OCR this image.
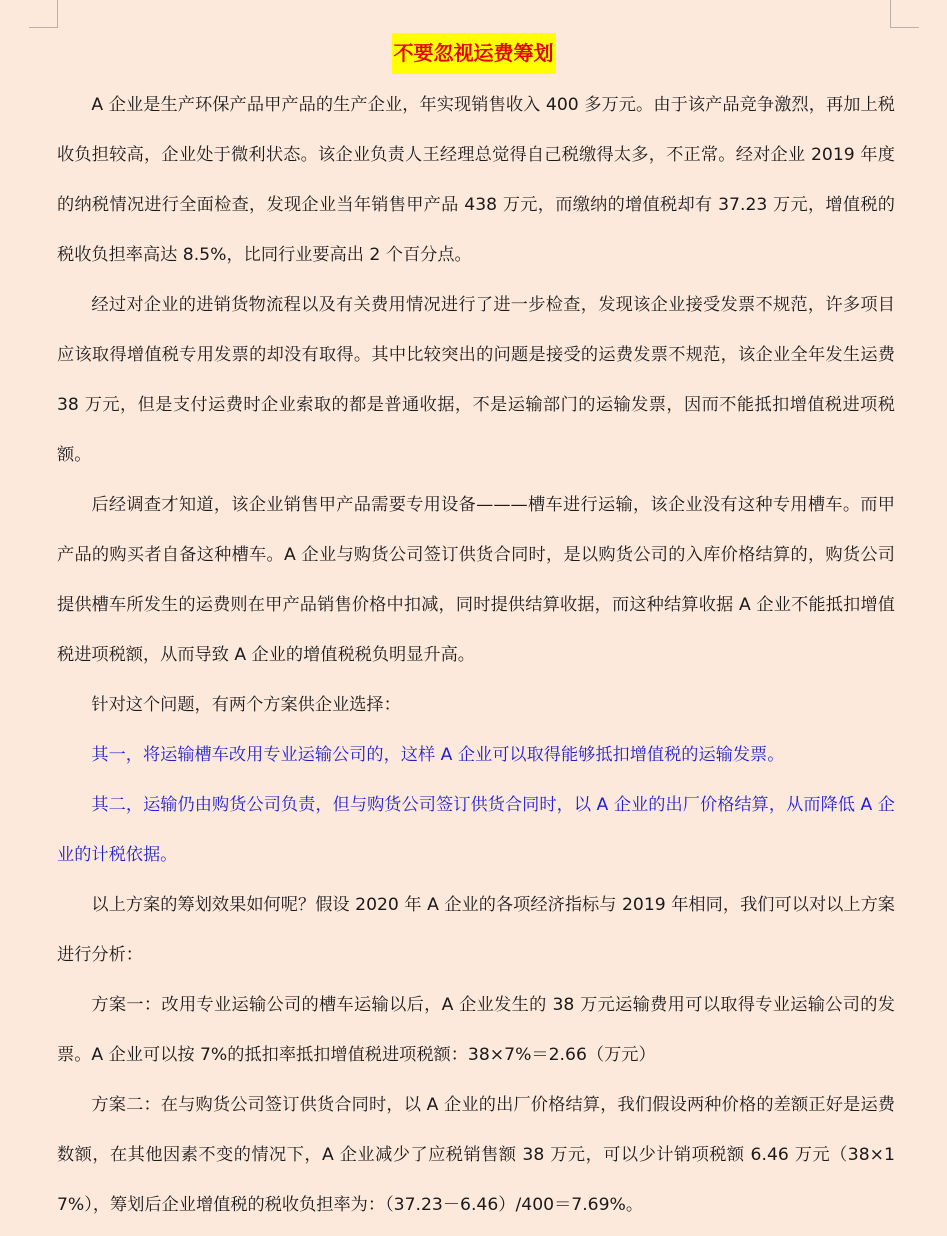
不要忽视运费筹划

A 企业是生产环保产品甲产品的生产企业，年实现销售收入 400 多万元。由于该产品竞争激烈，再加上税收负担较高，企业处于微利状态。该企业负责人王经理总觉得自己税缴得太多，不正常。经对企业 2019 年度的纳税情况进行全面检查，发现企业当年销售甲产品 438 万元，而缴纳的增值税却有 37.23 万元，增值税的税收负担率高达 8.5%，比同行业要高出 2 个百分点。

经过对企业的进销货物流程以及有关费用情况进行了进一步检查，发现该企业接受发票不规范，许多项目应该取得增值税专用发票的却没有取得。其中比较突出的问题是接受的运费发票不规范，该企业全年发生运费 38 万元，但是支付运费时企业索取的都是普通收据，不是运输部门的运输发票，因而不能抵扣增值税进项税额。

后经调查才知道，该企业销售甲产品需要专用设备———槽车进行运输，该企业没有这种专用槽车。而甲产品的购买者自备这种槽车。A 企业与购货公司签订供货合同时，是以购货公司的入库价格结算的，购货公司提供槽车所发生的运费则在甲产品销售价格中扣减，同时提供结算收据，而这种结算收据 A 企业不能抵扣增值税进项税额，从而导致 A 企业的增值税税负明显升高。

针对这个问题，有两个方案供企业选择：

其一，将运输槽车改用专业运输公司的，这样 A 企业可以取得能够抵扣增值税的运输发票。

其二，运输仍由购货公司负责，但与购货公司签订供货合同时，以 A 企业的出厂价格结算，从而降低 A 企业的计税依据。

以上方案的筹划效果如何呢？假设 2020 年 A 企业的各项经济指标与 2019 年相同，我们可以对以上方案进行分析：

方案一：改用专业运输公司的槽车运输以后，A 企业发生的 38 万元运输费用可以取得专业运输公司的发票。A 企业可以按 7%的抵扣率抵扣增值税进项税额：38×7%＝2.66（万元）

方案二：在与购货公司签订供货合同时，以 A 企业的出厂价格结算，我们假设两种价格的差额正好是运费数额，在其他因素不变的情况下，A 企业减少了应税销售额 38 万元，可以少计销项税额 6.46 万元（38×17%），筹划后企业增值税的税收负担率为：（37.23－6.46）/400＝7.69%。
